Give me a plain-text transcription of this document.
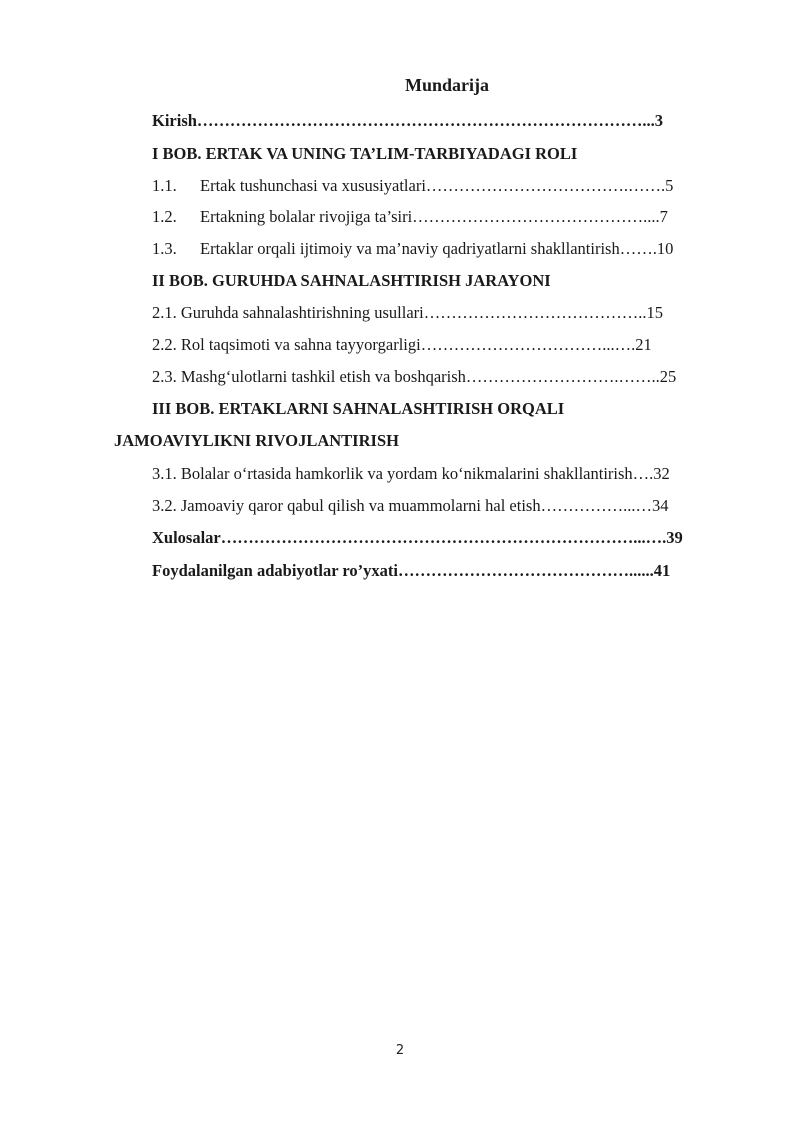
Mundarija
Kirish………………………………………………………………………...3
I BOB. ERTAK VA UNING TA’LIM-TARBIYADAGI ROLI
1.1. Ertak tushunchasi va xususiyatlari……………………………….…….5
1.2. Ertakning bolalar rivojiga ta’siri……………………………………....7
1.3. Ertaklar orqali ijtimoiy va ma’naviy qadriyatlarni shakllantirish…….10
II BOB. GURUHDA SAHNALASHTIRISH JARAYONI
2.1. Guruhda sahnalashtirishning usullari…………………………………..15
2.2. Rol taqsimoti va sahna tayyorgarligi……………………………...….21
2.3. Mashg‘ulotlarni tashkil etish va boshqarish……………………….……..25
III BOB. ERTAKLARNI SAHNALASHTIRISH ORQALI
JAMOAVIYLIKNI RIVOJLANTIRISH
3.1. Bolalar o‘rtasida hamkorlik va yordam ko‘nikmalarini shakllantirish….32
3.2. Jamoaviy qaror qabul qilish va muammolarni hal etish……………...…34
Xulosalar…………………………………………………………………...….39
Foydalanilgan adabiyotlar ro’yxati……………………………………......41
2
